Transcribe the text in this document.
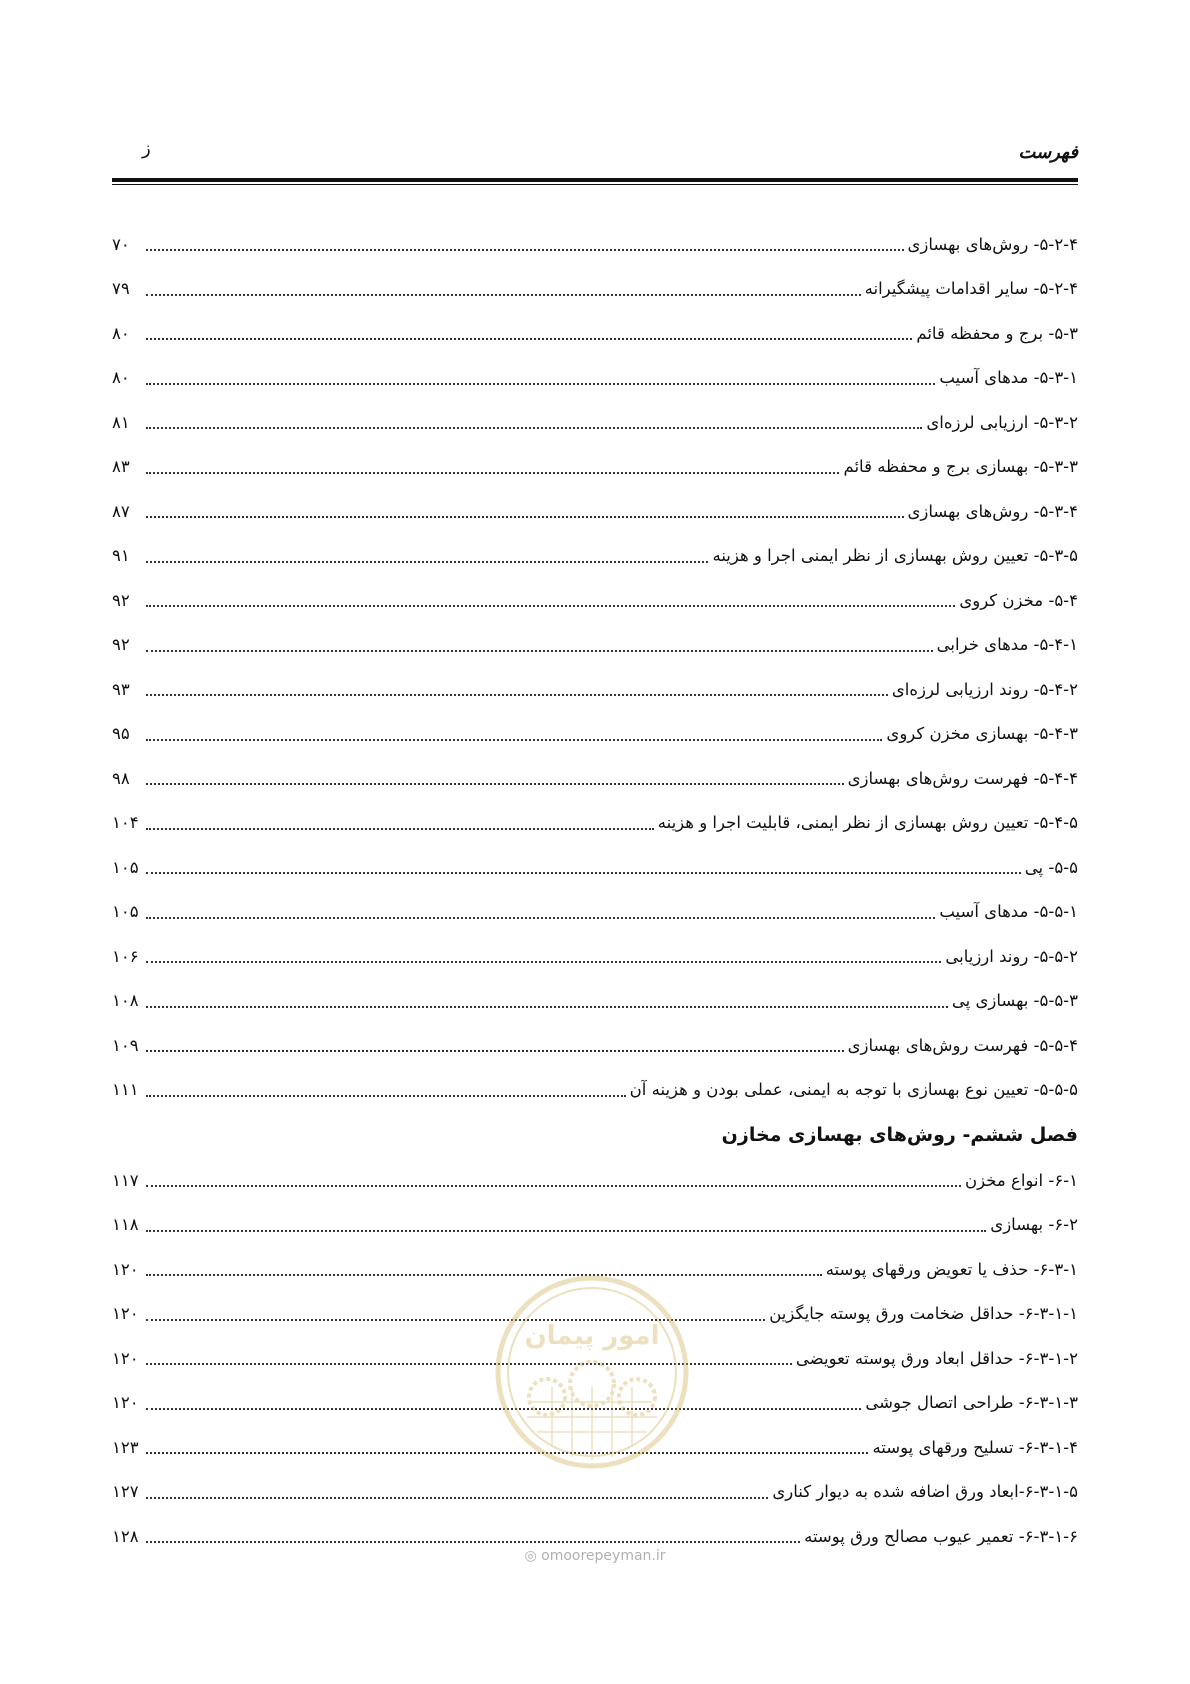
فهرست
ز
۵-۲-۴- روش‌های بهسازی
۷۰
۵-۲-۴- سایر اقدامات پیشگیرانه
۷۹
۵-۳- برج و محفظه قائم
۸۰
۵-۳-۱- مدهای آسیب
۸۰
۵-۳-۲- ارزیابی لرزه‌ای
۸۱
۵-۳-۳- بهسازی برج و محفظه قائم
۸۳
۵-۳-۴- روش‌های بهسازی
۸۷
۵-۳-۵- تعیین روش بهسازی از نظر ایمنی اجرا و هزینه
۹۱
۵-۴- مخزن کروی
۹۲
۵-۴-۱- مدهای خرابی
۹۲
۵-۴-۲- روند ارزیابی لرزه‌ای
۹۳
۵-۴-۳- بهسازی مخزن کروی
۹۵
۵-۴-۴- فهرست روش‌های بهسازی
۹۸
۵-۴-۵- تعیین روش بهسازی از نظر ایمنی، قابلیت اجرا و هزینه
۱۰۴
۵-۵- پی
۱۰۵
۵-۵-۱- مدهای آسیب
۱۰۵
۵-۵-۲- روند ارزیابی
۱۰۶
۵-۵-۳- بهسازی پی
۱۰۸
۵-۵-۴- فهرست روش‌های بهسازی
۱۰۹
۵-۵-۵- تعیین نوع بهسازی با توجه به ایمنی، عملی بودن و هزینه آن
۱۱۱
فصل ششم- روش‌های بهسازی مخازن
۶-۱- انواع مخزن
۱۱۷
۶-۲- بهسازی
۱۱۸
۶-۳-۱- حذف یا تعویض ورقهای پوسته
۱۲۰
۶-۳-۱-۱- حداقل ضخامت ورق پوسته جایگزین
۱۲۰
۶-۳-۱-۲- حداقل ابعاد ورق پوسته تعویضی
۱۲۰
۶-۳-۱-۳- طراحی اتصال جوشی
۱۲۰
۶-۳-۱-۴- تسلیح ورقهای پوسته
۱۲۳
۶-۳-۱-۵-ابعاد ورق اضافه شده به دیوار کناری
۱۲۷
۶-۳-۱-۶- تعمیر عیوب مصالح ورق پوسته
۱۲۸
امور پیمان
◎ omoorepeyman.ir
